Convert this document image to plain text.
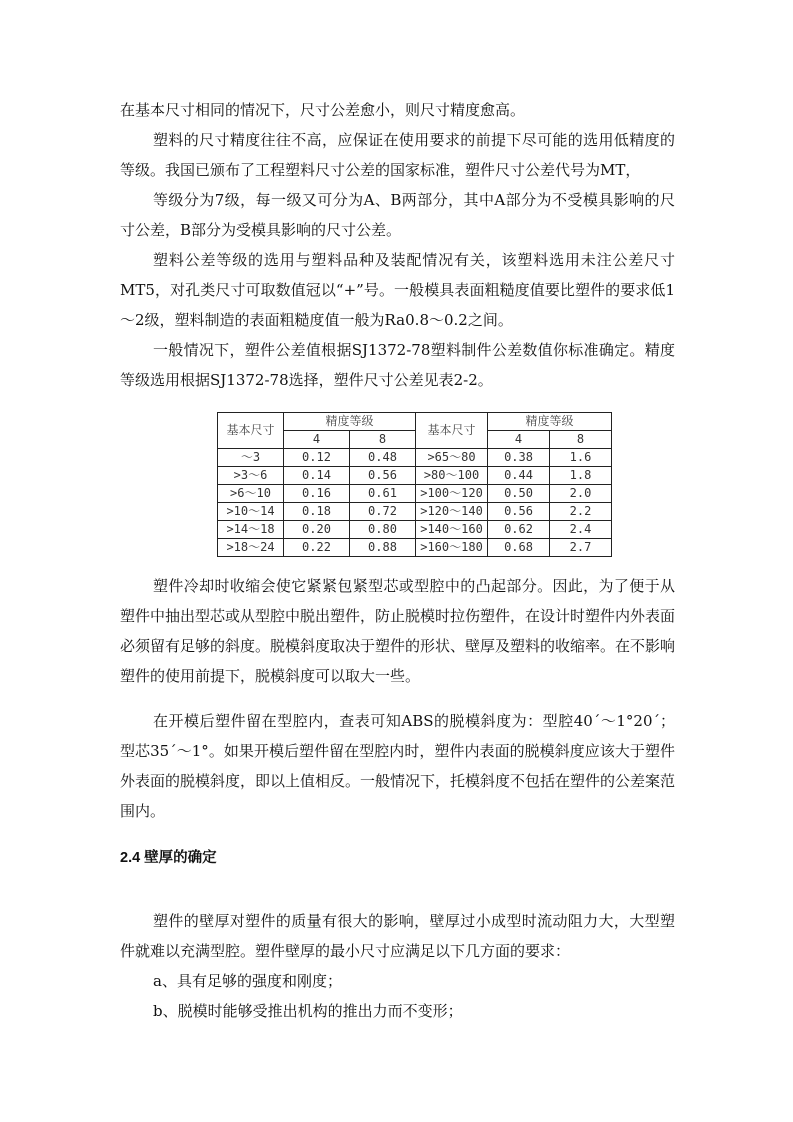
在基本尺寸相同的情况下，尺寸公差愈小，则尺寸精度愈高。

塑料的尺寸精度往往不高，应保证在使用要求的前提下尽可能的选用低精度的等级。我国已颁布了工程塑料尺寸公差的国家标准，塑件尺寸公差代号为MT，

等级分为7级，每一级又可分为A、B两部分，其中A部分为不受模具影响的尺寸公差，B部分为受模具影响的尺寸公差。

塑料公差等级的选用与塑料品种及装配情况有关，该塑料选用未注公差尺寸MT5，对孔类尺寸可取数值冠以“+”号。一般模具表面粗糙度值要比塑件的要求低1～2级，塑料制造的表面粗糙度值一般为Ra0.8～0.2之间。

一般情况下，塑件公差值根据SJ1372-78塑料制件公差数值你标准确定。精度等级选用根据SJ1372-78选择，塑件尺寸公差见表2-2。

基本尺寸	精度等级		基本尺寸	精度等级	
	4	8		4	8
～3	0.12	0.48	>65～80	0.38	1.6
>3～6	0.14	0.56	>80～100	0.44	1.8
>6～10	0.16	0.61	>100～120	0.50	2.0
>10～14	0.18	0.72	>120～140	0.56	2.2
>14～18	0.20	0.80	>140～160	0.62	2.4
>18～24	0.22	0.88	>160～180	0.68	2.7

塑件冷却时收缩会使它紧紧包紧型芯或型腔中的凸起部分。因此，为了便于从塑件中抽出型芯或从型腔中脱出塑件，防止脱模时拉伤塑件，在设计时塑件内外表面必须留有足够的斜度。脱模斜度取决于塑件的形状、壁厚及塑料的收缩率。在不影响塑件的使用前提下，脱模斜度可以取大一些。

在开模后塑件留在型腔内，查表可知ABS的脱模斜度为：型腔40´～1°20´；型芯35´～1°。如果开模后塑件留在型腔内时，塑件内表面的脱模斜度应该大于塑件外表面的脱模斜度，即以上值相反。一般情况下，托模斜度不包括在塑件的公差案范围内。

2.4 壁厚的确定

塑件的壁厚对塑件的质量有很大的影响，壁厚过小成型时流动阻力大，大型塑件就难以充满型腔。塑件壁厚的最小尺寸应满足以下几方面的要求：

a、具有足够的强度和刚度；

b、脱模时能够受推出机构的推出力而不变形；
